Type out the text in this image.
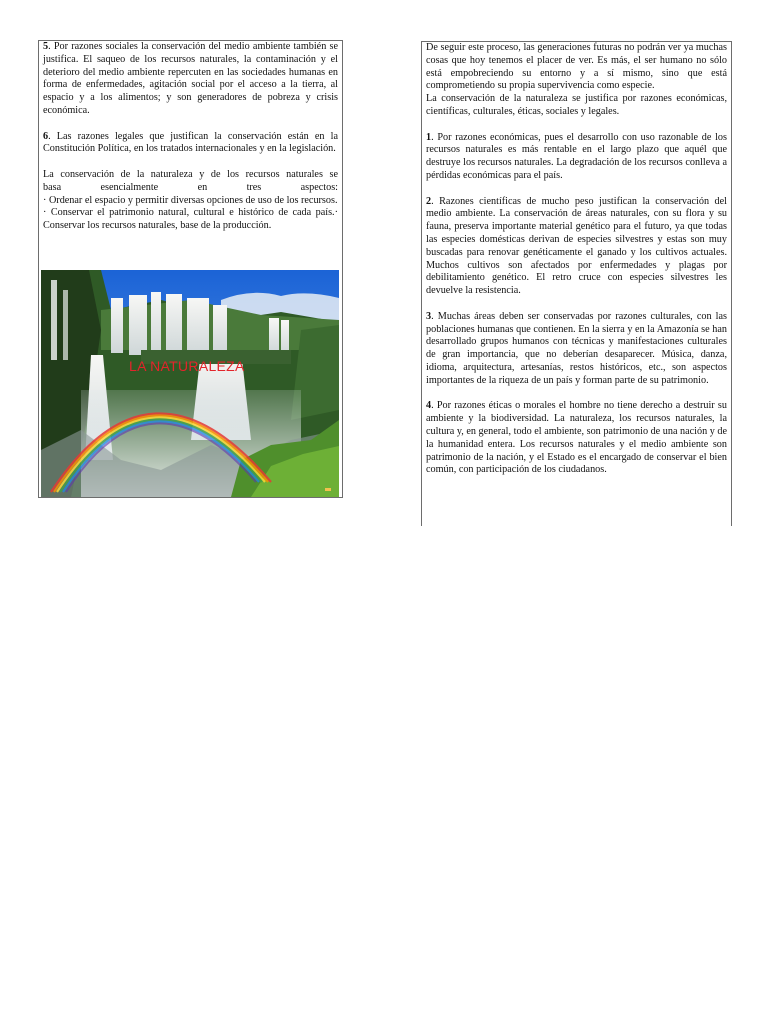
5. Por razones sociales la conservación del medio ambiente también se justifica. El saqueo de los recursos naturales, la contaminación y el deterioro del medio ambiente repercuten en las sociedades humanas en forma de enfermedades, agitación social por el acceso a la tierra, al espacio y a los alimentos; y son generadores de pobreza y crisis económica.

6. Las razones legales que justifican la conservación están en la Constitución Política, en los tratados internacionales y en la legislación.

La conservación de la naturaleza y de los recursos naturales se
basa esencialmente en tres aspectos:
· Ordenar el espacio y permitir diversas opciones de uso de los recursos.
· Conservar el patrimonio natural, cultural e histórico de cada país.· Conservar los recursos naturales, base de la producción.

LA NATURALEZA

De seguir este proceso, las generaciones futuras no podrán ver ya muchas cosas que hoy tenemos el placer de ver. Es más, el ser humano no sólo está empobreciendo su entorno y a sí mismo, sino que está comprometiendo su propia supervivencia como especie.
La conservación de la naturaleza se justifica por razones económicas, científicas, culturales, éticas, sociales y legales.

1. Por razones económicas, pues el desarrollo con uso razonable de los recursos naturales es más rentable en el largo plazo que aquél que destruye los recursos naturales. La degradación de los recursos conlleva a pérdidas económicas para el país.

2. Razones científicas de mucho peso justifican la conservación del medio ambiente. La conservación de áreas naturales, con su flora y su fauna, preserva importante material genético para el futuro, ya que todas las especies domésticas derivan de especies silvestres y estas son muy buscadas para renovar genéticamente el ganado y los cultivos actuales. Muchos cultivos son afectados por enfermedades y plagas por debilitamiento genético. El retro cruce con especies silvestres les devuelve la resistencia.

3. Muchas áreas deben ser conservadas por razones culturales, con las poblaciones humanas que contienen. En la sierra y en la Amazonía se han desarrollado grupos humanos con técnicas y manifestaciones culturales de gran importancia, que no deberían desaparecer. Música, danza, idioma, arquitectura, artesanías, restos históricos, etc., son aspectos importantes de la riqueza de un país y forman parte de su patrimonio.

4. Por razones éticas o morales el hombre no tiene derecho a destruir su ambiente y la biodiversidad. La naturaleza, los recursos naturales, la cultura y, en general, todo el ambiente, son patrimonio de una nación y de la humanidad entera. Los recursos naturales y el medio ambiente son patrimonio de la nación, y el Estado es el encargado de conservar el bien común, con participación de los ciudadanos.
